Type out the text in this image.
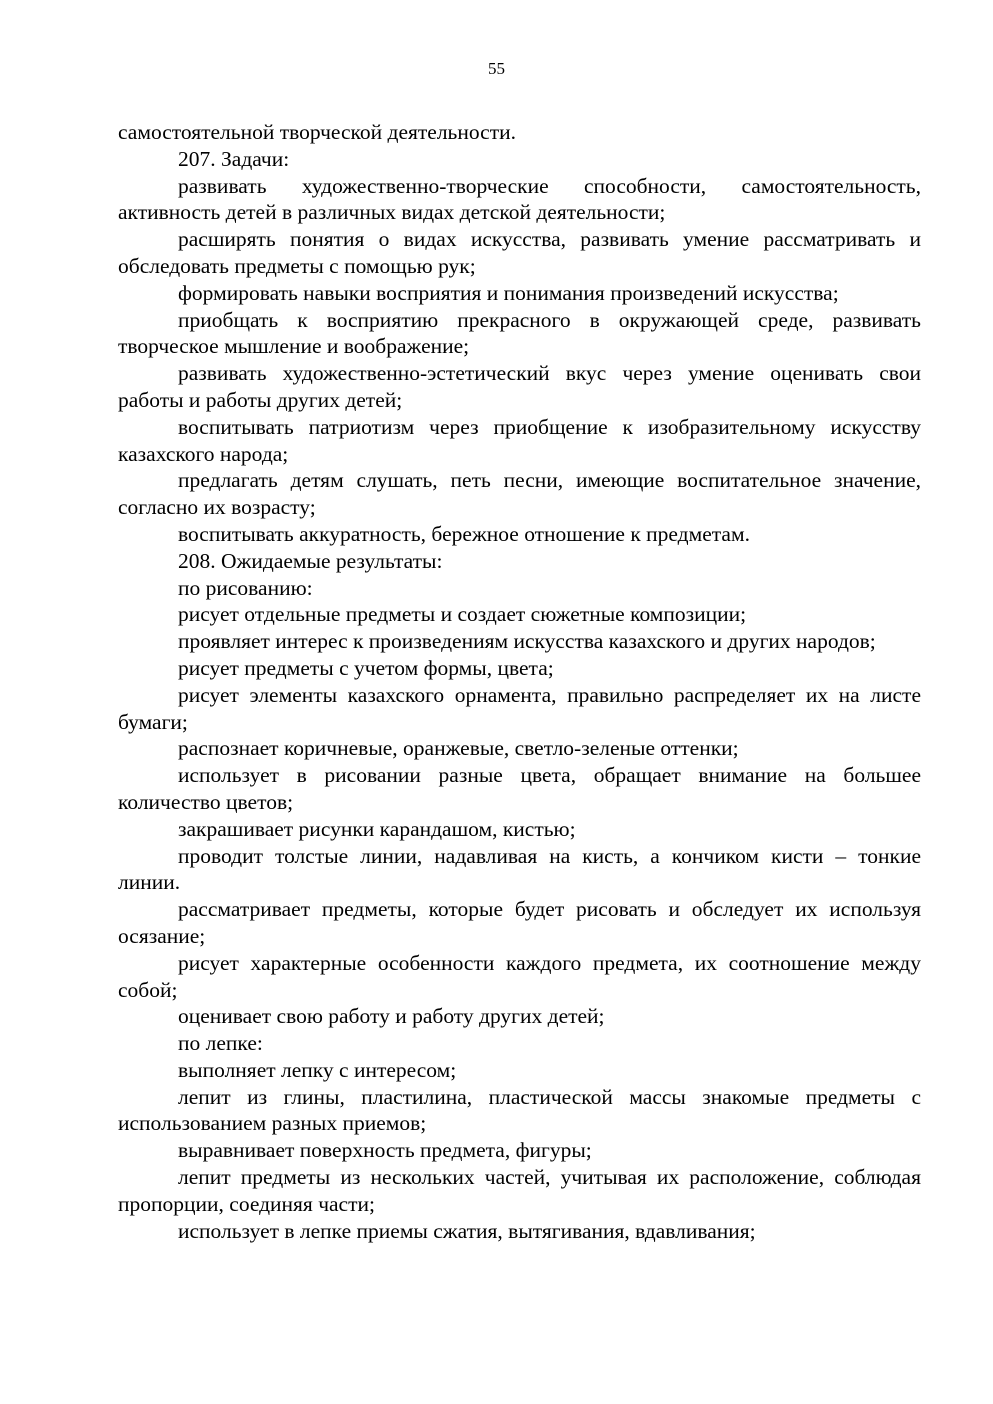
55

самостоятельной творческой деятельности.

207. Задачи:

развивать художественно-творческие способности, самостоятельность, активность детей в различных видах детской деятельности;

расширять понятия о видах искусства, развивать умение рассматривать и обследовать предметы с помощью рук;

формировать навыки восприятия и понимания произведений искусства;

приобщать к восприятию прекрасного в окружающей среде, развивать творческое мышление и воображение;

развивать художественно-эстетический вкус через умение оценивать свои работы и работы других детей;

воспитывать патриотизм через приобщение к изобразительному искусству казахского народа;

предлагать детям слушать, петь песни, имеющие воспитательное значение, согласно их возрасту;

воспитывать аккуратность, бережное отношение к предметам.

208. Ожидаемые результаты:

по рисованию:

рисует отдельные предметы и создает сюжетные композиции;

проявляет интерес к произведениям искусства казахского и других народов;

рисует предметы с учетом формы, цвета;

рисует элементы казахского орнамента, правильно распределяет их на листе бумаги;

распознает коричневые, оранжевые, светло-зеленые оттенки;

использует в рисовании разные цвета, обращает внимание на большее количество цветов;

закрашивает рисунки карандашом, кистью;

проводит толстые линии, надавливая на кисть, а кончиком кисти – тонкие линии.

рассматривает предметы, которые будет рисовать и обследует их используя осязание;

рисует характерные особенности каждого предмета, их соотношение между собой;

оценивает свою работу и работу других детей;

по лепке:

выполняет лепку с интересом;

лепит из глины, пластилина, пластической массы знакомые предметы с использованием разных приемов;

выравнивает поверхность предмета, фигуры;

лепит предметы из нескольких частей, учитывая их расположение, соблюдая пропорции, соединяя части;

использует в лепке приемы сжатия, вытягивания, вдавливания;
